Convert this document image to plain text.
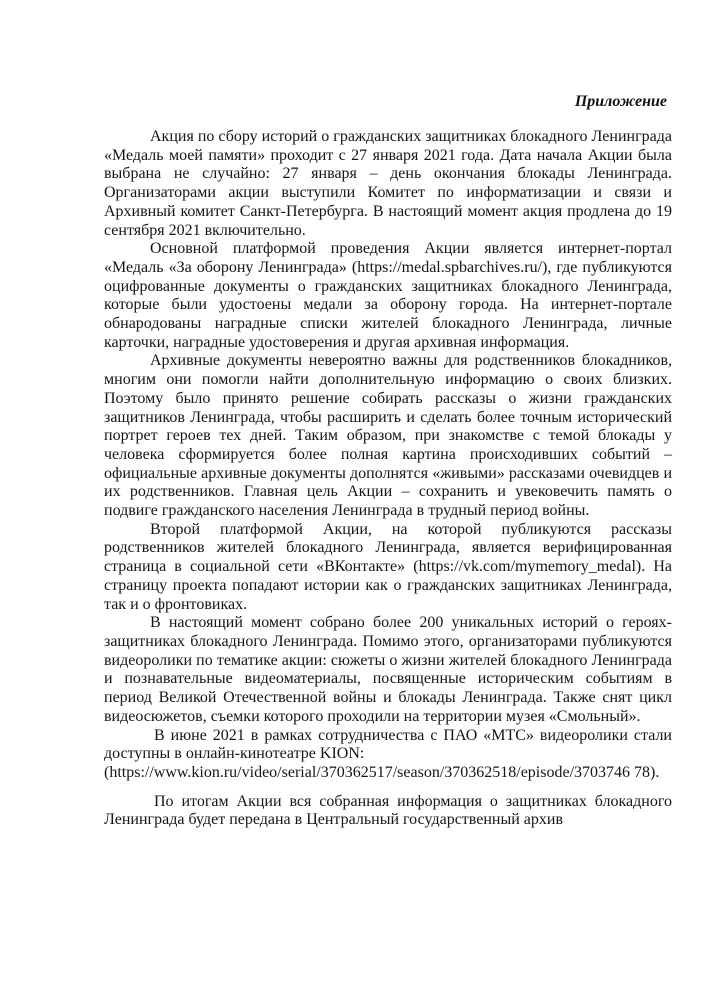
Приложение

Акция по сбору историй о гражданских защитниках блокадного Ленинграда «Медаль моей памяти» проходит с 27 января 2021 года. Дата начала Акции была выбрана не случайно: 27 января – день окончания блокады Ленинграда. Организаторами акции выступили Комитет по информатизации и связи и Архивный комитет Санкт-Петербурга. В настоящий момент акция продлена до 19 сентября 2021 включительно.

Основной платформой проведения Акции является интернет-портал «Медаль «За оборону Ленинграда» (https://medal.spbarchives.ru/), где публикуются оцифрованные документы о гражданских защитниках блокадного Ленинграда, которые были удостоены медали за оборону города. На интернет-портале обнародованы наградные списки жителей блокадного Ленинграда, личные карточки, наградные удостоверения и другая архивная информация.

Архивные документы невероятно важны для родственников блокадников, многим они помогли найти дополнительную информацию о своих близких. Поэтому было принято решение собирать рассказы о жизни гражданских защитников Ленинграда, чтобы расширить и сделать более точным исторический портрет героев тех дней. Таким образом, при знакомстве с темой блокады у человека сформируется более полная картина происходивших событий – официальные архивные документы дополнятся «живыми» рассказами очевидцев и их родственников. Главная цель Акции – сохранить и увековечить память о подвиге гражданского населения Ленинграда в трудный период войны.

Второй платформой Акции, на которой публикуются рассказы родственников жителей блокадного Ленинграда, является верифицированная страница в социальной сети «ВКонтакте» (https://vk.com/mymemory_medal). На страницу проекта попадают истории как о гражданских защитниках Ленинграда, так и о фронтовиках.

В настоящий момент собрано более 200 уникальных историй о героях-защитниках блокадного Ленинграда. Помимо этого, организаторами публикуются видеоролики по тематике акции: сюжеты о жизни жителей блокадного Ленинграда и познавательные видеоматериалы, посвященные историческим событиям в период Великой Отечественной войны и блокады Ленинграда. Также снят цикл видеосюжетов, съемки которого проходили на территории музея «Смольный».

В июне 2021 в рамках сотрудничества с ПАО «МТС» видеоролики стали доступны в онлайн-кинотеатре KION:

(https://www.kion.ru/video/serial/370362517/season/370362518/episode/3703746 78).

По итогам Акции вся собранная информация о защитниках блокадного Ленинграда будет передана в Центральный государственный архив
